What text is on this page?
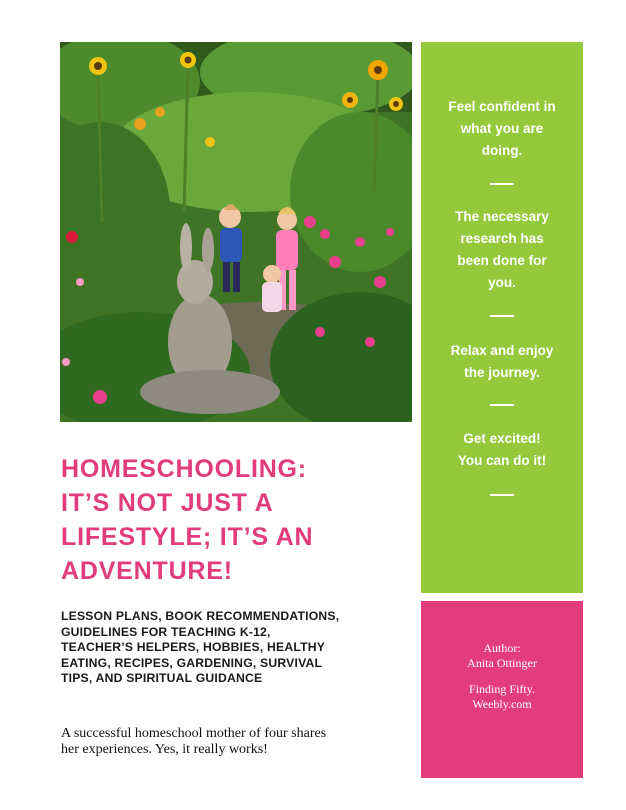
Feel confident in
what you are
doing.
The necessary
research has
been done for
you.
Relax and enjoy
the journey.
Get excited!
You can do it!
Author:
Anita Ottinger
Finding Fifty.
Weebly.com
HOMESCHOOLING:
IT’S NOT JUST A
LIFESTYLE; IT’S AN
ADVENTURE!
LESSON PLANS, BOOK RECOMMENDATIONS,
GUIDELINES FOR TEACHING K-12,
TEACHER’S HELPERS, HOBBIES, HEALTHY
EATING, RECIPES, GARDENING, SURVIVAL
TIPS, AND SPIRITUAL GUIDANCE
A successful homeschool mother of four shares
her experiences. Yes, it really works!
